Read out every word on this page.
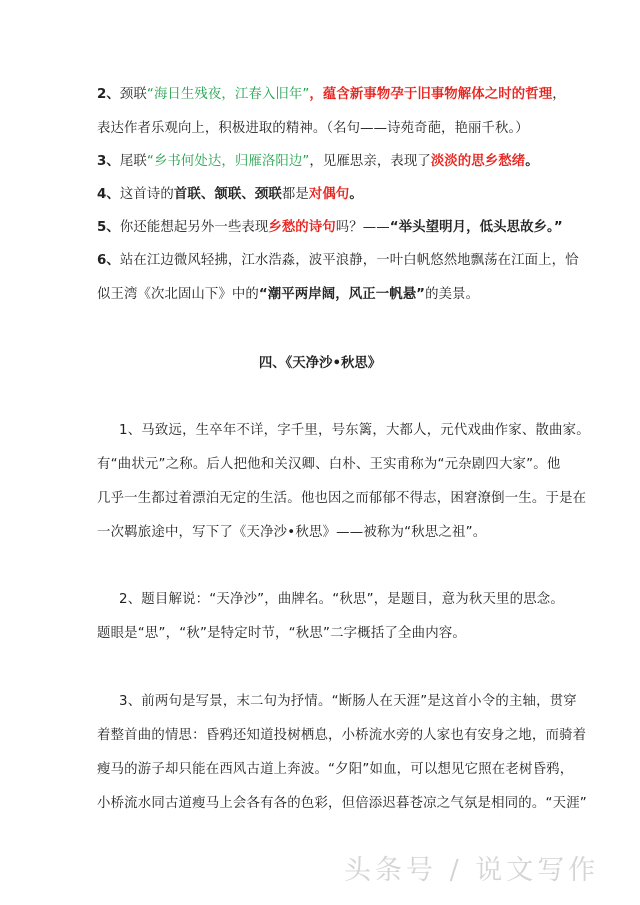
2、颈联“海日生残夜，江春入旧年”，蕴含新事物孕于旧事物解体之时的哲理，
表达作者乐观向上，积极进取的精神。（名句——诗苑奇葩，艳丽千秋。）
3、尾联“乡书何处达，归雁洛阳边”，见雁思亲，表现了淡淡的思乡愁绪。
4、这首诗的首联、颔联、颈联都是对偶句。
5、你还能想起另外一些表现乡愁的诗句吗？——“举头望明月，低头思故乡。”
6、站在江边微风轻拂，江水浩淼，波平浪静，一叶白帆悠然地飘荡在江面上，恰
似王湾《次北固山下》中的“潮平两岸阔，风正一帆悬”的美景。
四、《天净沙•秋思》
1、马致远，生卒年不详，字千里，号东篱，大都人，元代戏曲作家、散曲家。
有“曲状元”之称。后人把他和关汉卿、白朴、王实甫称为“元杂剧四大家”。他
几乎一生都过着漂泊无定的生活。他也因之而郁郁不得志，困窘潦倒一生。于是在
一次羁旅途中，写下了《天净沙•秋思》——被称为“秋思之祖”。
2、题目解说：“天净沙”，曲牌名。“秋思”，是题目，意为秋天里的思念。
题眼是“思”，“秋”是特定时节，“秋思”二字概括了全曲内容。
3、前两句是写景，末二句为抒情。“断肠人在天涯”是这首小令的主轴，贯穿
着整首曲的情思：昏鸦还知道投树栖息，小桥流水旁的人家也有安身之地，而骑着
瘦马的游子却只能在西风古道上奔波。“夕阳”如血，可以想见它照在老树昏鸦，
小桥流水同古道瘦马上会各有各的色彩，但倍添迟暮苍凉之气氛是相同的。“天涯”
头条号 / 说文写作
